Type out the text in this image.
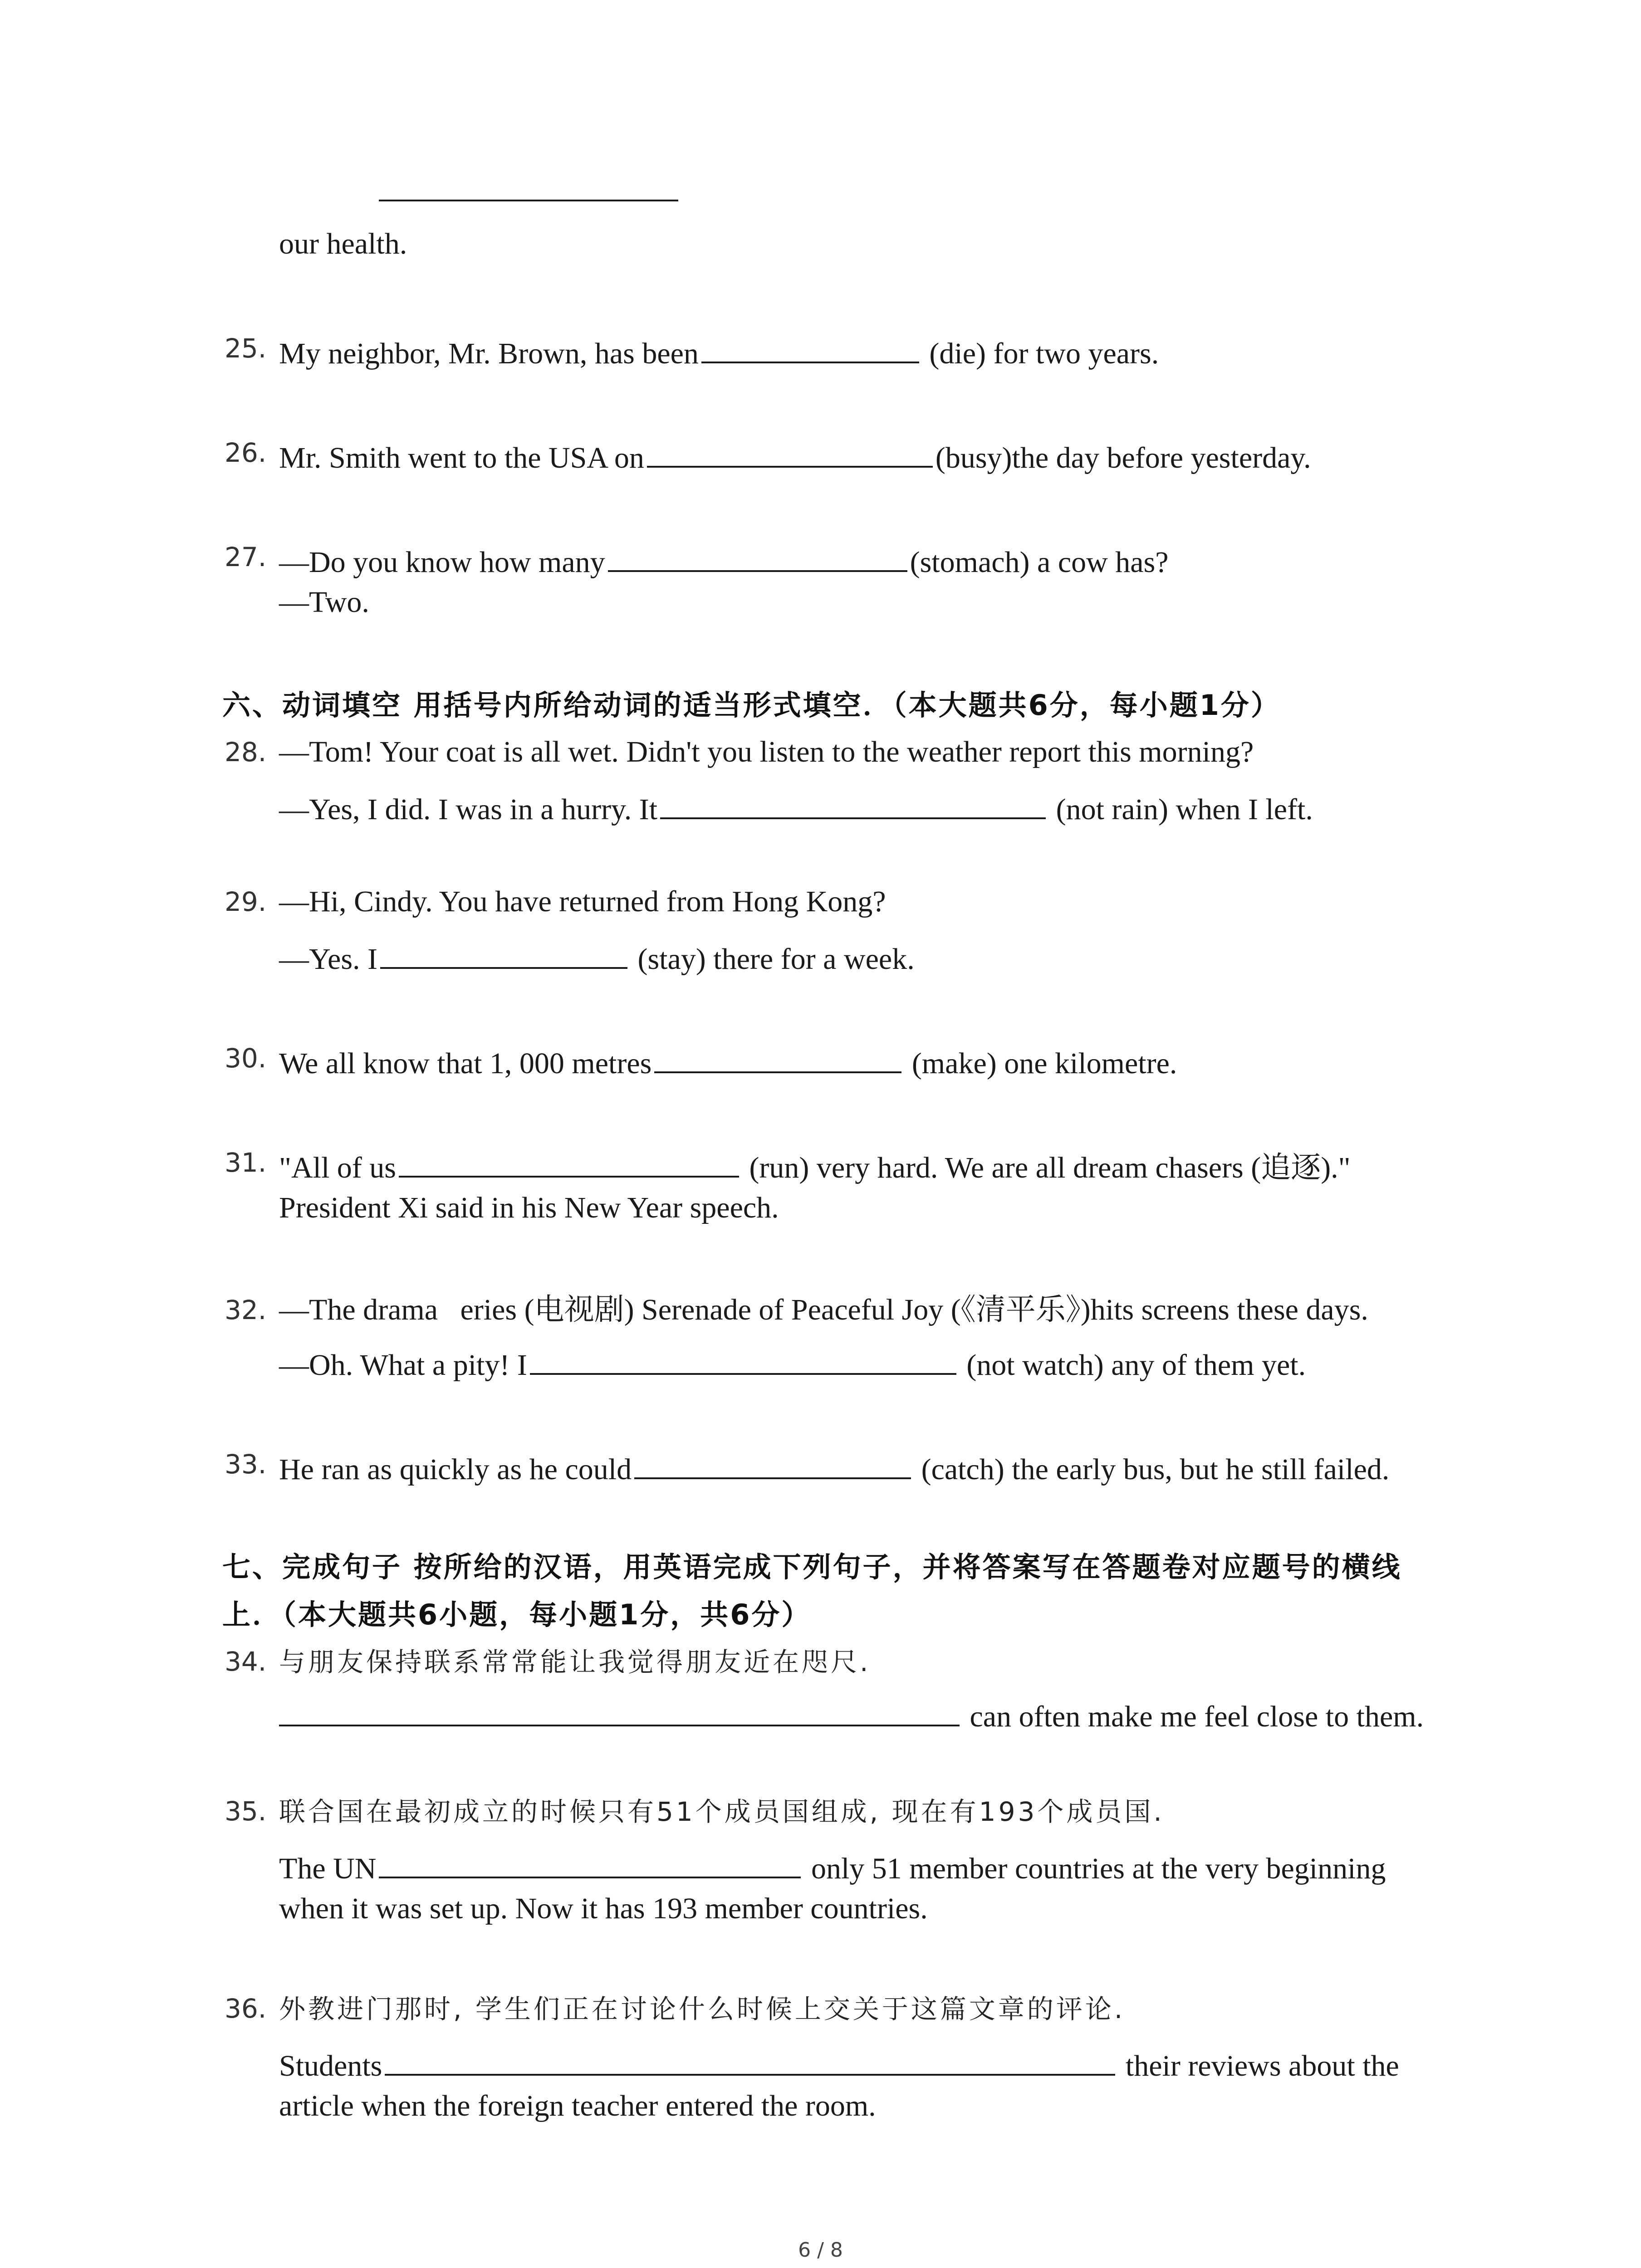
our health.
25. My neighbor, Mr. Brown, has been	(die) for two years.
26. Mr. Smith went to the USA on	(busy)the day before yesterday.
27. —Do you know how many	(stomach) a cow has?
—Two.
六、动词填空 用括号内所给动词的适当形式填空．（本大题共6分，每小题1分）
28. —Tom! Your coat is all wet. Didn't you listen to the weather report this morning?
—Yes, I did. I was in a hurry. It	(not rain) when I left.
29. —Hi, Cindy. You have returned from Hong Kong?
—Yes. I	(stay) there for a week.
30. We all know that 1, 000 metres	(make) one kilometre.
31. "All of us	(run) very hard. We are all dream chasers (追逐)."
President Xi said in his New Year speech.
32. —The drama   eries (电视剧) Serenade of Peaceful Joy (《清平乐》)hits screens these days.
—Oh. What a pity! I	(not watch) any of them yet.
33. He ran as quickly as he could	(catch) the early bus, but he still failed.
七、完成句子 按所给的汉语，用英语完成下列句子，并将答案写在答题卷对应题号的横线
上．（本大题共6小题，每小题1分，共6分）
34. 与朋友保持联系常常能让我觉得朋友近在咫尺.
can often make me feel close to them.
35. 联合国在最初成立的时候只有51个成员国组成, 现在有193个成员国.
The UN	only 51 member countries at the very beginning
when it was set up. Now it has 193 member countries.
36. 外教进门那时, 学生们正在讨论什么时候上交关于这篇文章的评论.
Students	their reviews about the
article when the foreign teacher entered the room.
6 / 8
